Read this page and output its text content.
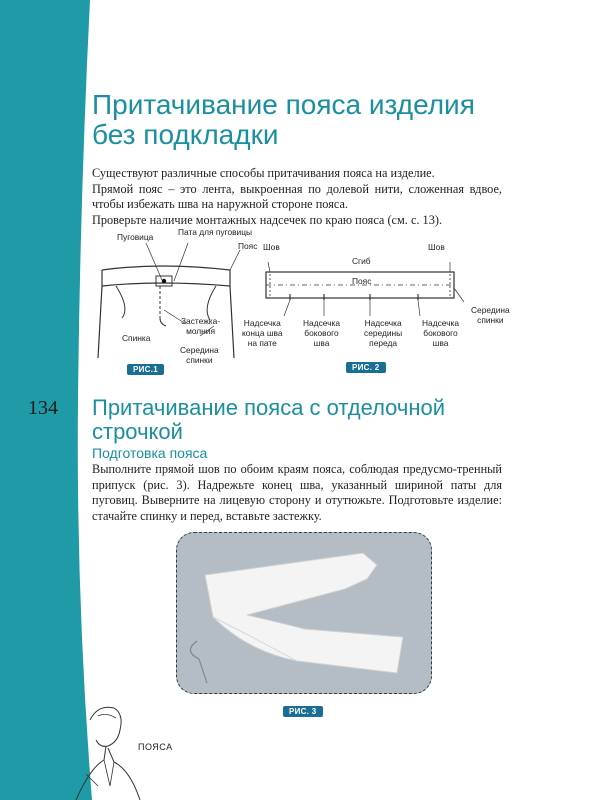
134
Притачивание пояса изделия без подкладки
Существуют различные способы притачивания пояса на изделие.
Прямой пояс – это лента, выкроенная по долевой нити, сложенная вдвое, чтобы избежать шва на наружной стороне пояса.
Проверьте наличие монтажных надсечек по краю пояса (см. с. 13).
Пуговица	Пата для пуговицы
Пояс
Спинка
Застежка-
молния
Середина
спинки
РИС.1
Шов	Шов
Сгиб
Пояс
Надсечка
конца шва
на пате
Надсечка
бокового
шва
Надсечка
середины
переда
Надсечка
бокового
шва
Середина
спинки
РИС. 2
Притачивание пояса с отделочной строчкой
Подготовка пояса

Выполните прямой шов по обоим краям пояса, соблюдая предусмо-тренный припуск (рис. 3). Надрежьте конец шва, указанный шириной паты для пуговиц. Выверните на лицевую сторону и отутюжьте. Подготовьте изделие: стачайте спинку и перед, вставьте застежку.

РИС. 3
ПОЯСА
